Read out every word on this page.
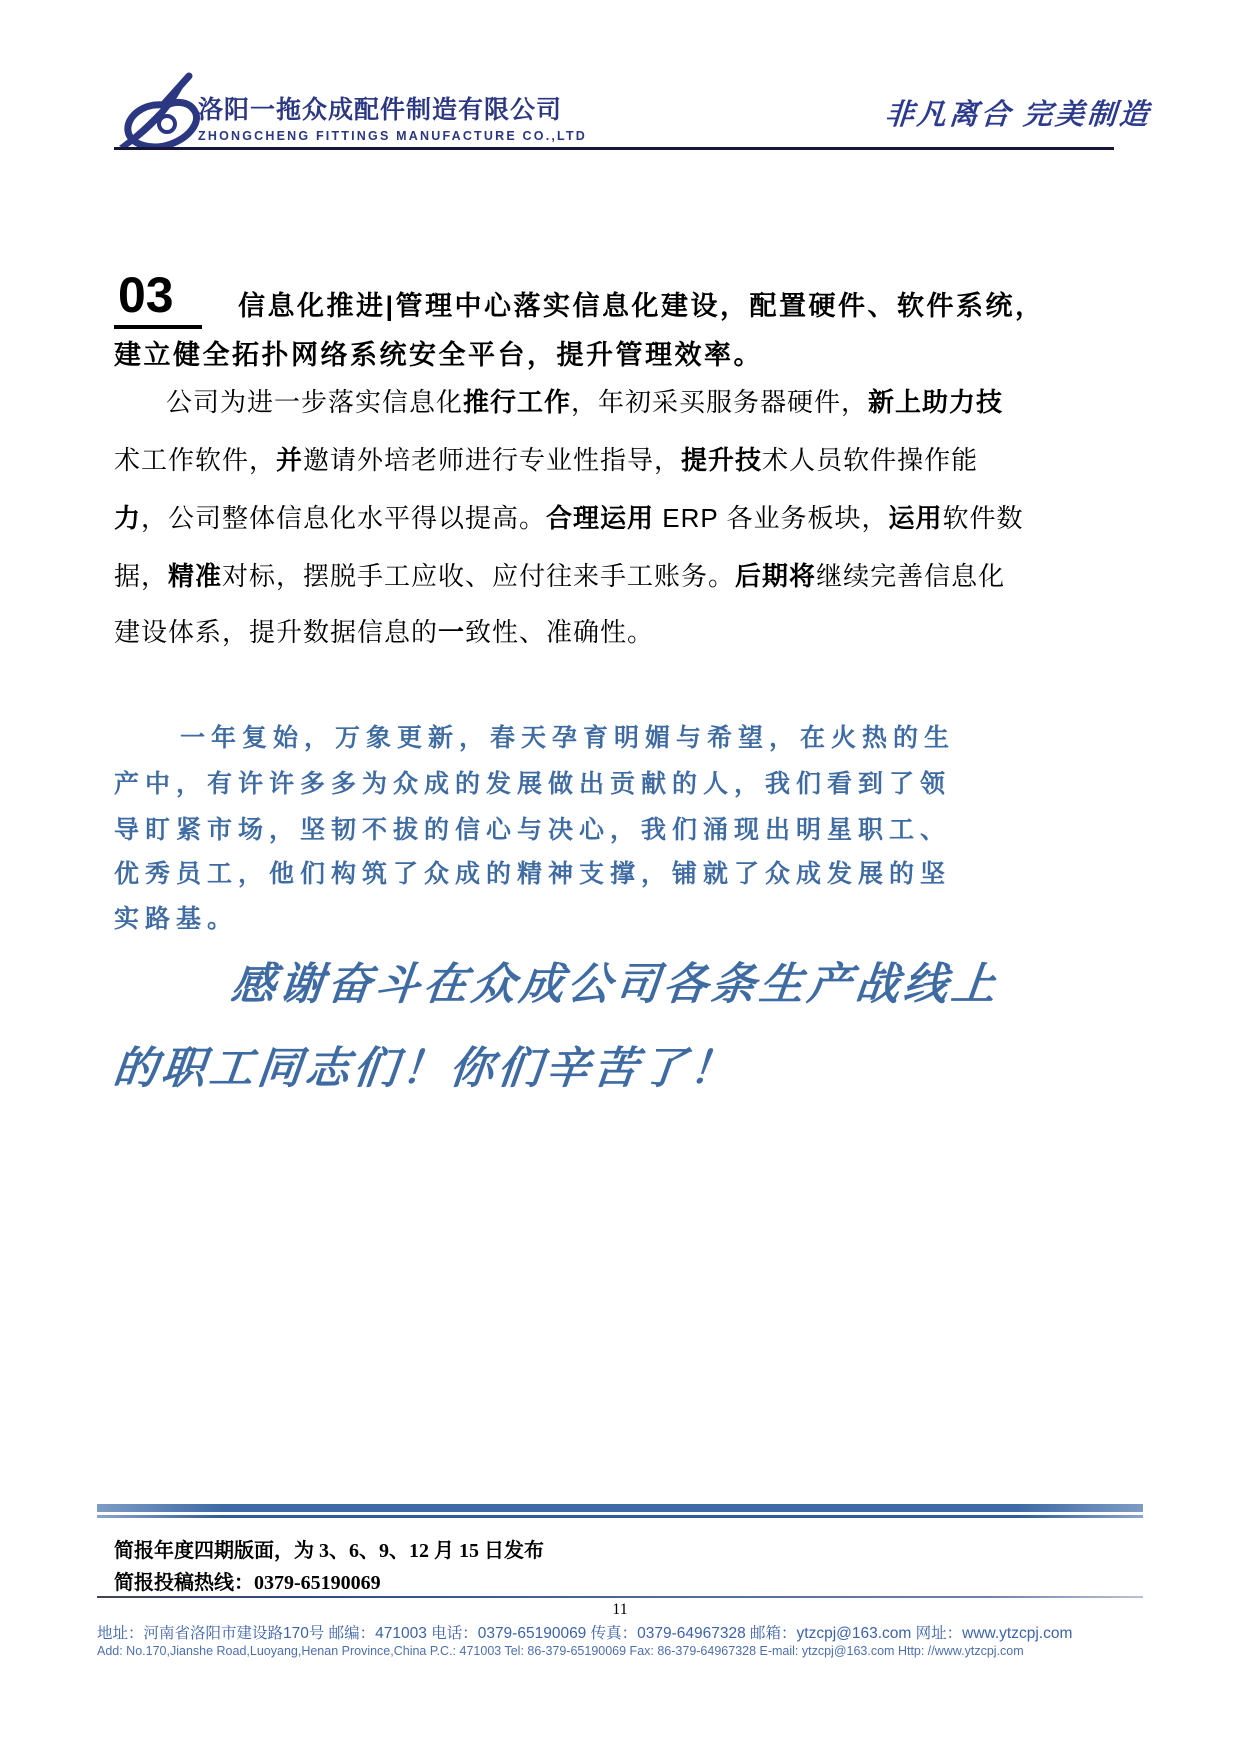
洛阳一拖众成配件制造有限公司
ZHONGCHENG FITTINGS MANUFACTURE CO.,LTD
非凡离合 完美制造
03	信息化推进|管理中心落实信息化建设，配置硬件、软件系统，
建立健全拓扑网络系统安全平台，提升管理效率。
公司为进一步落实信息化推行工作，年初采买服务器硬件，新上助力技
术工作软件，并邀请外培老师进行专业性指导，提升技术人员软件操作能
力，公司整体信息化水平得以提高。合理运用 ERP 各业务板块，运用软件数
据，精准对标，摆脱手工应收、应付往来手工账务。后期将继续完善信息化
建设体系，提升数据信息的一致性、准确性。
一年复始，万象更新，春天孕育明媚与希望，在火热的生
产中，有许许多多为众成的发展做出贡献的人，我们看到了领
导盯紧市场，坚韧不拔的信心与决心，我们涌现出明星职工、
优秀员工，他们构筑了众成的精神支撑，铺就了众成发展的坚
实路基。
感谢奋斗在众成公司各条生产战线上
的职工同志们！你们辛苦了！
简报年度四期版面，为 3、6、9、12 月 15 日发布
简报投稿热线：0379-65190069
11
地址：河南省洛阳市建设路170号 邮编：471003 电话：0379-65190069 传真：0379-64967328 邮箱：ytzcpj@163.com 网址：www.ytzcpj.com
Add: No.170,Jianshe Road,Luoyang,Henan Province,China P.C.: 471003 Tel: 86-379-65190069 Fax: 86-379-64967328 E-mail: ytzcpj@163.com Http: //www.ytzcpj.com
